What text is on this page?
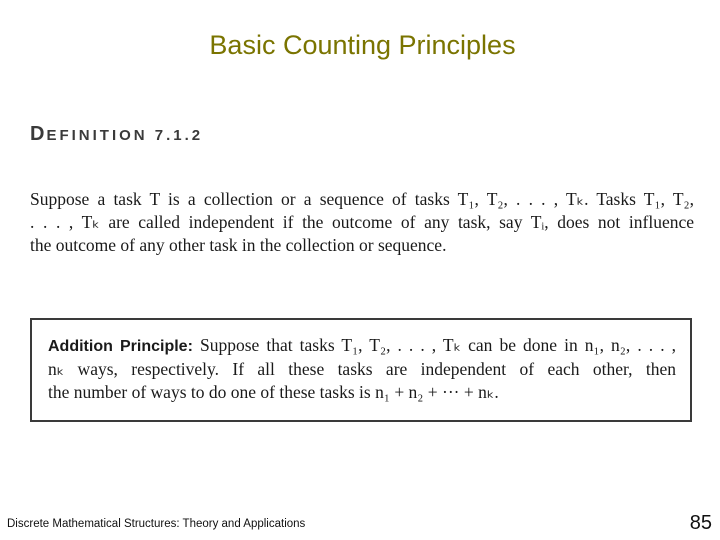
Basic Counting Principles
DEFINITION 7.1.2
Suppose a task T is a collection or a sequence of tasks T₁, T₂, . . . , Tₖ. Tasks T₁, T₂,
. . . , Tₖ are called independent if the outcome of any task, say Tᵢ, does not influence
the outcome of any other task in the collection or sequence.
Addition Principle: Suppose that tasks T₁, T₂, . . . , Tₖ can be done in n₁, n₂, . . . ,
nₖ ways, respectively. If all these tasks are independent of each other, then
the number of ways to do one of these tasks is n₁ + n₂ + ··· + nₖ.
Discrete Mathematical Structures: Theory and Applications	85
